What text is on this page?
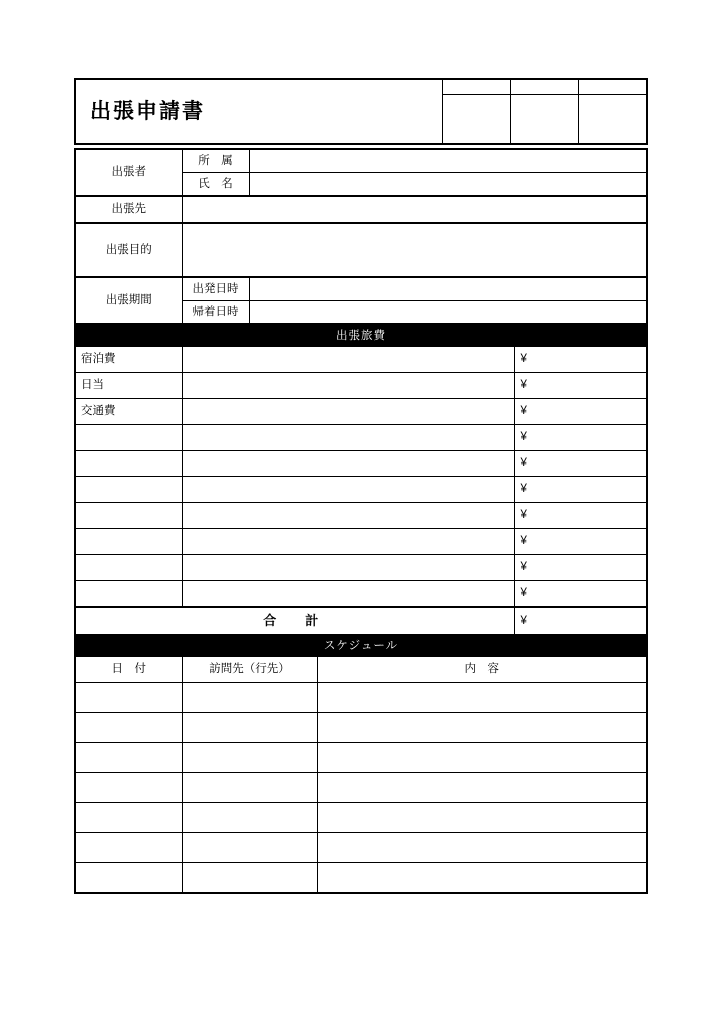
出張申請書			

出張者	所　属	
	氏　名	
出張先		
出張目的		
出張期間	出発日時	
	帰着日時	
出張旅費		
宿泊費		¥
日当		¥
交通費		¥
		¥
		¥
		¥
		¥
		¥
		¥
		¥
合　計		¥
スケジュール		
日　付	訪問先（行先）	内　容
